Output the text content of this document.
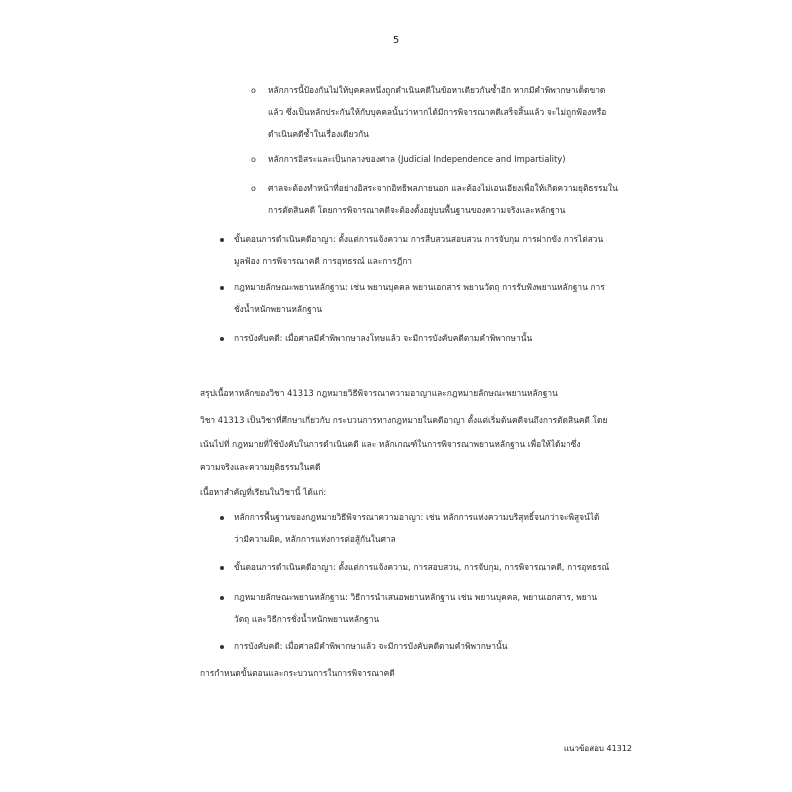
5
o หลักการนี้ป้องกันไม่ให้บุคคลหนึ่งถูกดำเนินคดีในข้อหาเดียวกันซ้ำอีก หากมีคำพิพากษาเด็ดขาด
แล้ว ซึ่งเป็นหลักประกันให้กับบุคคลนั้นว่าหากได้มีการพิจารณาคดีเสร็จสิ้นแล้ว จะไม่ถูกฟ้องหรือ
ดำเนินคดีซ้ำในเรื่องเดียวกัน
o หลักการอิสระและเป็นกลางของศาล (Judicial Independence and Impartiality)
o ศาลจะต้องทำหน้าที่อย่างอิสระจากอิทธิพลภายนอก และต้องไม่เอนเอียงเพื่อให้เกิดความยุติธรรมใน
การตัดสินคดี โดยการพิจารณาคดีจะต้องตั้งอยู่บนพื้นฐานของความจริงและหลักฐาน
ขั้นตอนการดำเนินคดีอาญา: ตั้งแต่การแจ้งความ การสืบสวนสอบสวน การจับกุม การฝากขัง การไต่สวน
มูลฟ้อง การพิจารณาคดี การอุทธรณ์ และการฎีกา
กฎหมายลักษณะพยานหลักฐาน: เช่น พยานบุคคล พยานเอกสาร พยานวัตถุ การรับฟังพยานหลักฐาน การ
ชั่งน้ำหนักพยานหลักฐาน
การบังคับคดี: เมื่อศาลมีคำพิพากษาลงโทษแล้ว จะมีการบังคับคดีตามคำพิพากษานั้น
สรุปเนื้อหาหลักของวิชา 41313 กฎหมายวิธีพิจารณาความอาญาและกฎหมายลักษณะพยานหลักฐาน
วิชา 41313 เป็นวิชาที่ศึกษาเกี่ยวกับ กระบวนการทางกฎหมายในคดีอาญา ตั้งแต่เริ่มต้นคดีจนถึงการตัดสินคดี โดย
เน้นไปที่ กฎหมายที่ใช้บังคับในการดำเนินคดี และ หลักเกณฑ์ในการพิจารณาพยานหลักฐาน เพื่อให้ได้มาซึ่ง
ความจริงและความยุติธรรมในคดี
เนื้อหาสำคัญที่เรียนในวิชานี้ ได้แก่:
หลักการพื้นฐานของกฎหมายวิธีพิจารณาความอาญา: เช่น หลักการแห่งความบริสุทธิ์จนกว่าจะพิสูจน์ได้
ว่ามีความผิด, หลักการแห่งการต่อสู้กันในศาล
ขั้นตอนการดำเนินคดีอาญา: ตั้งแต่การแจ้งความ, การสอบสวน, การจับกุม, การพิจารณาคดี, การอุทธรณ์
กฎหมายลักษณะพยานหลักฐาน: วิธีการนำเสนอพยานหลักฐาน เช่น พยานบุคคล, พยานเอกสาร, พยาน
วัตถุ และวิธีการชั่งน้ำหนักพยานหลักฐาน
การบังคับคดี: เมื่อศาลมีคำพิพากษาแล้ว จะมีการบังคับคดีตามคำพิพากษานั้น
การกำหนดขั้นตอนและกระบวนการในการพิจารณาคดี
แนวข้อสอบ 41312
